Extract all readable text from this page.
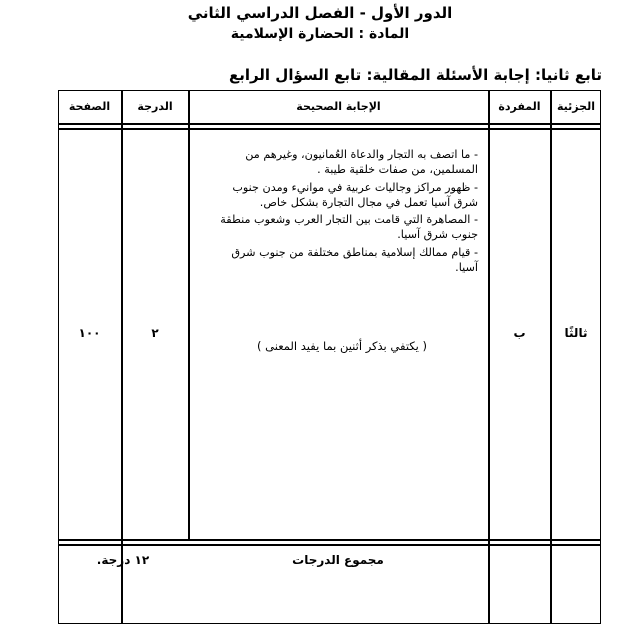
الدور الأول - الفصل الدراسي الثاني
المادة : الحضارة الإسلامية
تابع ثانيا: إجابة الأسئلة المقالية: تابع السؤال الرابع
الجزئية
المفردة
الإجابة الصحيحة
الدرجة
الصفحة
ثالثًا
ب
٢
١٠٠
- ما اتصف به التجار والدعاة العُمانيون، وغيرهم من المسلمين، من صفات خلقية طيبة .
- ظهور مراكز وجاليات عربية في موانيء ومدن جنوب شرق آسيا تعمل في مجال التجارة بشكل خاص.
- المصاهرة التي قامت بين التجار العرب وشعوب منطقة جنوب شرق آسيا.
- قيام ممالك إسلامية بمناطق مختلفة من جنوب شرق آسيا.
( يكتفي بذكر أثنين بما يفيد المعنى )
مجموع الدرجات
١٢ درجة.
